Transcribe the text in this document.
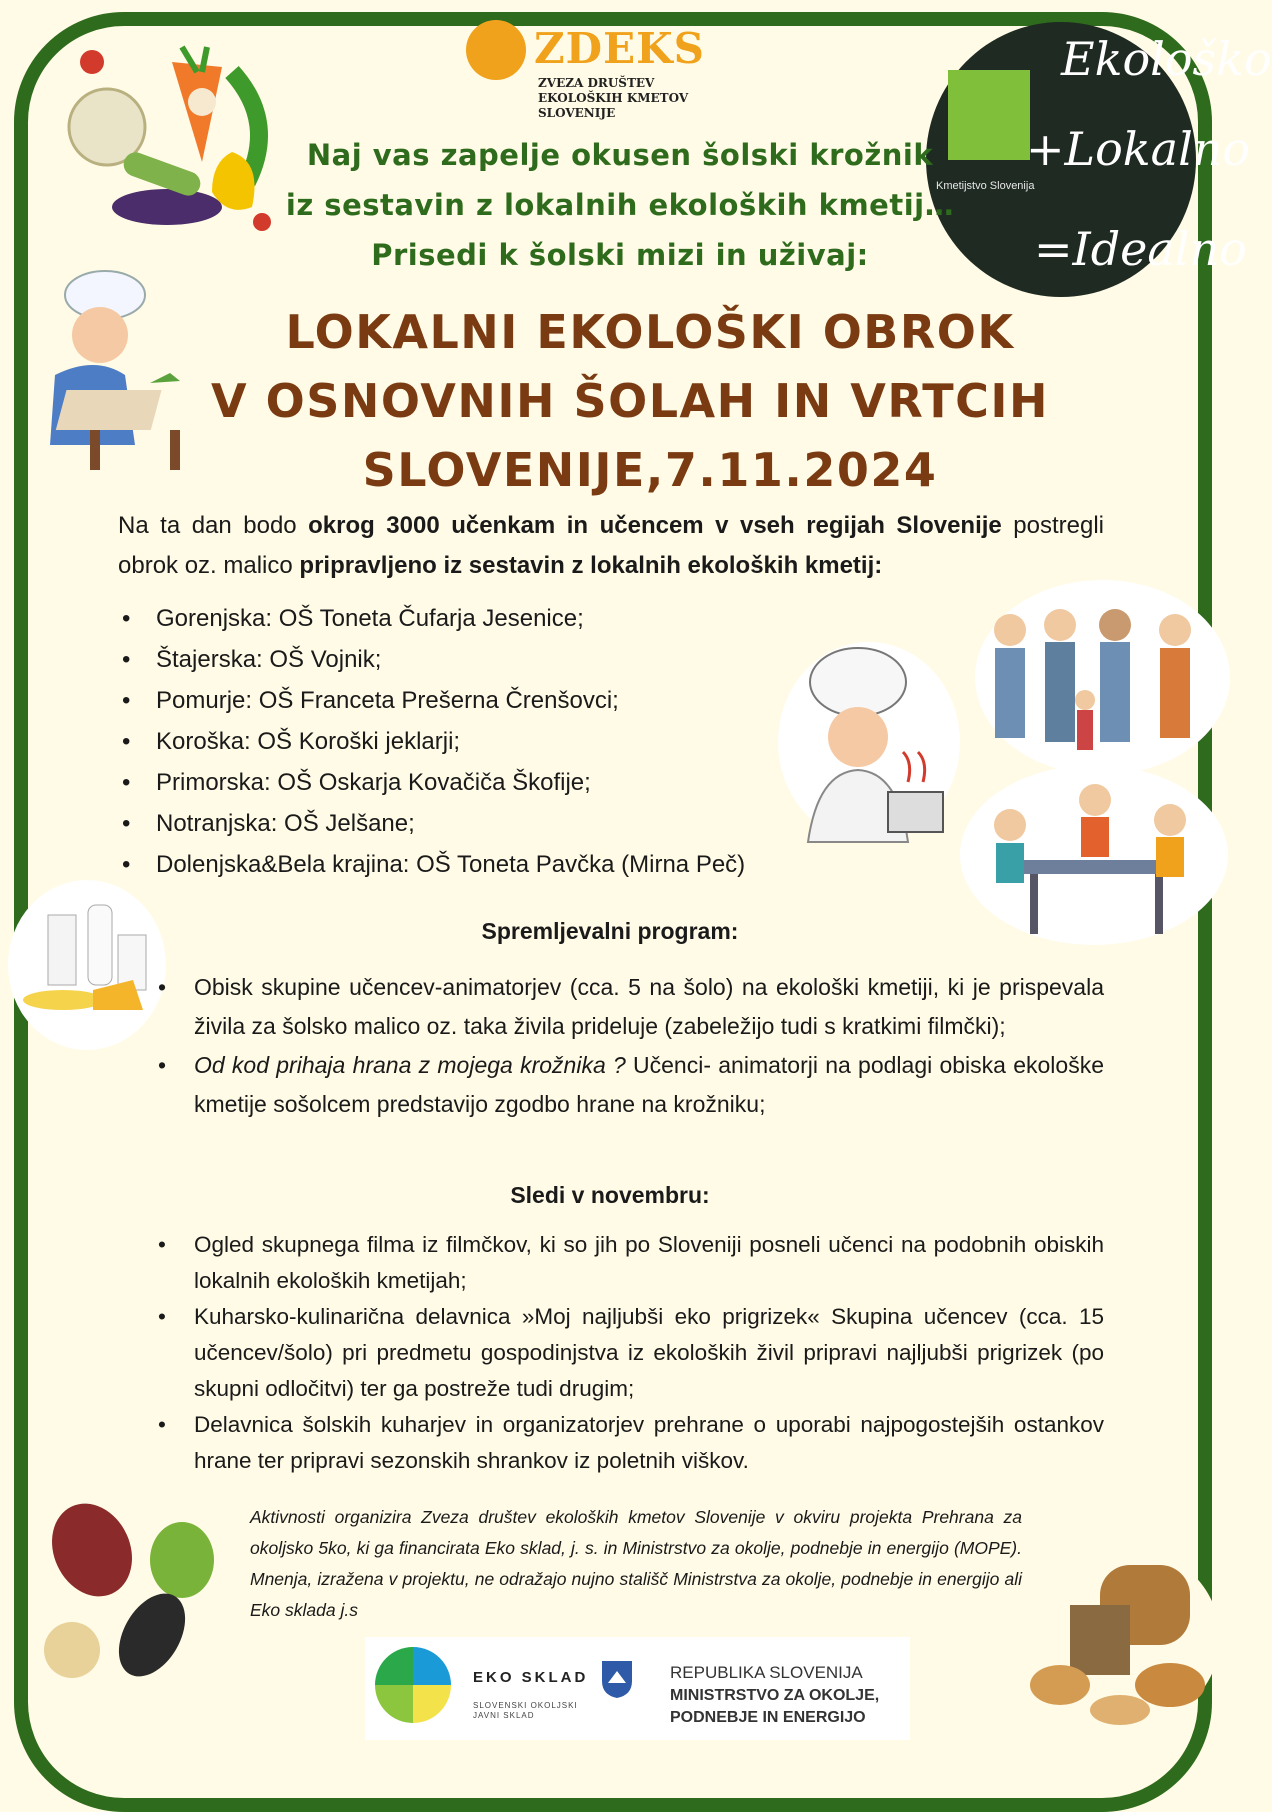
ZDEKS
ZVEZA DRUŠTEV
EKOLOŠKIH KMETOV
SLOVENIJE
Kmetijstvo Slovenija
Ekološko
+Lokalno
=Idealno
Naj vas zapelje okusen šolski krožnik
iz sestavin z lokalnih ekoloških kmetij…
Prisedi k šolski mizi in uživaj:
LOKALNI EKOLOŠKI OBROK
V OSNOVNIH ŠOLAH IN VRTCIH
SLOVENIJE,7.11.2024
Na ta dan bodo okrog 3000 učenkam in učencem v vseh regijah Slovenije postregli obrok oz. malico pripravljeno iz sestavin z lokalnih ekoloških kmetij:
• Gorenjska: OŠ Toneta Čufarja Jesenice;
• Štajerska: OŠ Vojnik;
• Pomurje: OŠ Franceta Prešerna Črenšovci;
• Koroška: OŠ Koroški jeklarji;
• Primorska: OŠ Oskarja Kovačiča Škofije;
• Notranjska: OŠ Jelšane;
• Dolenjska&Bela krajina: OŠ Toneta Pavčka (Mirna Peč)
Spremljevalni program:
• Obisk skupine učencev-animatorjev (cca. 5 na šolo) na ekološki kmetiji, ki je prispevala živila za šolsko malico oz. taka živila prideluje (zabeležijo tudi s kratkimi filmčki);
• Od kod prihaja hrana z mojega krožnika ? Učenci- animatorji na podlagi obiska ekološke kmetije sošolcem predstavijo zgodbo hrane na krožniku;
Sledi v novembru:
• Ogled skupnega filma iz filmčkov, ki so jih po Sloveniji posneli učenci na podobnih obiskih lokalnih ekoloških kmetijah;
• Kuharsko-kulinarična delavnica »Moj najljubši eko prigrizek« Skupina učencev (cca. 15 učencev/šolo) pri predmetu gospodinjstva iz ekoloških živil pripravi najljubši prigrizek (po skupni odločitvi) ter ga postreže tudi drugim;
• Delavnica šolskih kuharjev in organizatorjev prehrane o uporabi najpogostejših ostankov hrane ter pripravi sezonskih shrankov iz poletnih viškov.
Aktivnosti organizira Zveza društev ekoloških kmetov Slovenije v okviru projekta Prehrana za okoljsko 5ko, ki ga financirata Eko sklad, j. s. in Ministrstvo za okolje, podnebje in energijo (MOPE). Mnenja, izražena v projektu, ne odražajo nujno stališč Ministrstva za okolje, podnebje in energijo ali Eko sklada j.s
EKO SKLAD
SLOVENSKI OKOLJSKI
JAVNI SKLAD
REPUBLIKA SLOVENIJA
MINISTRSTVO ZA OKOLJE,
PODNEBJE IN ENERGIJO
